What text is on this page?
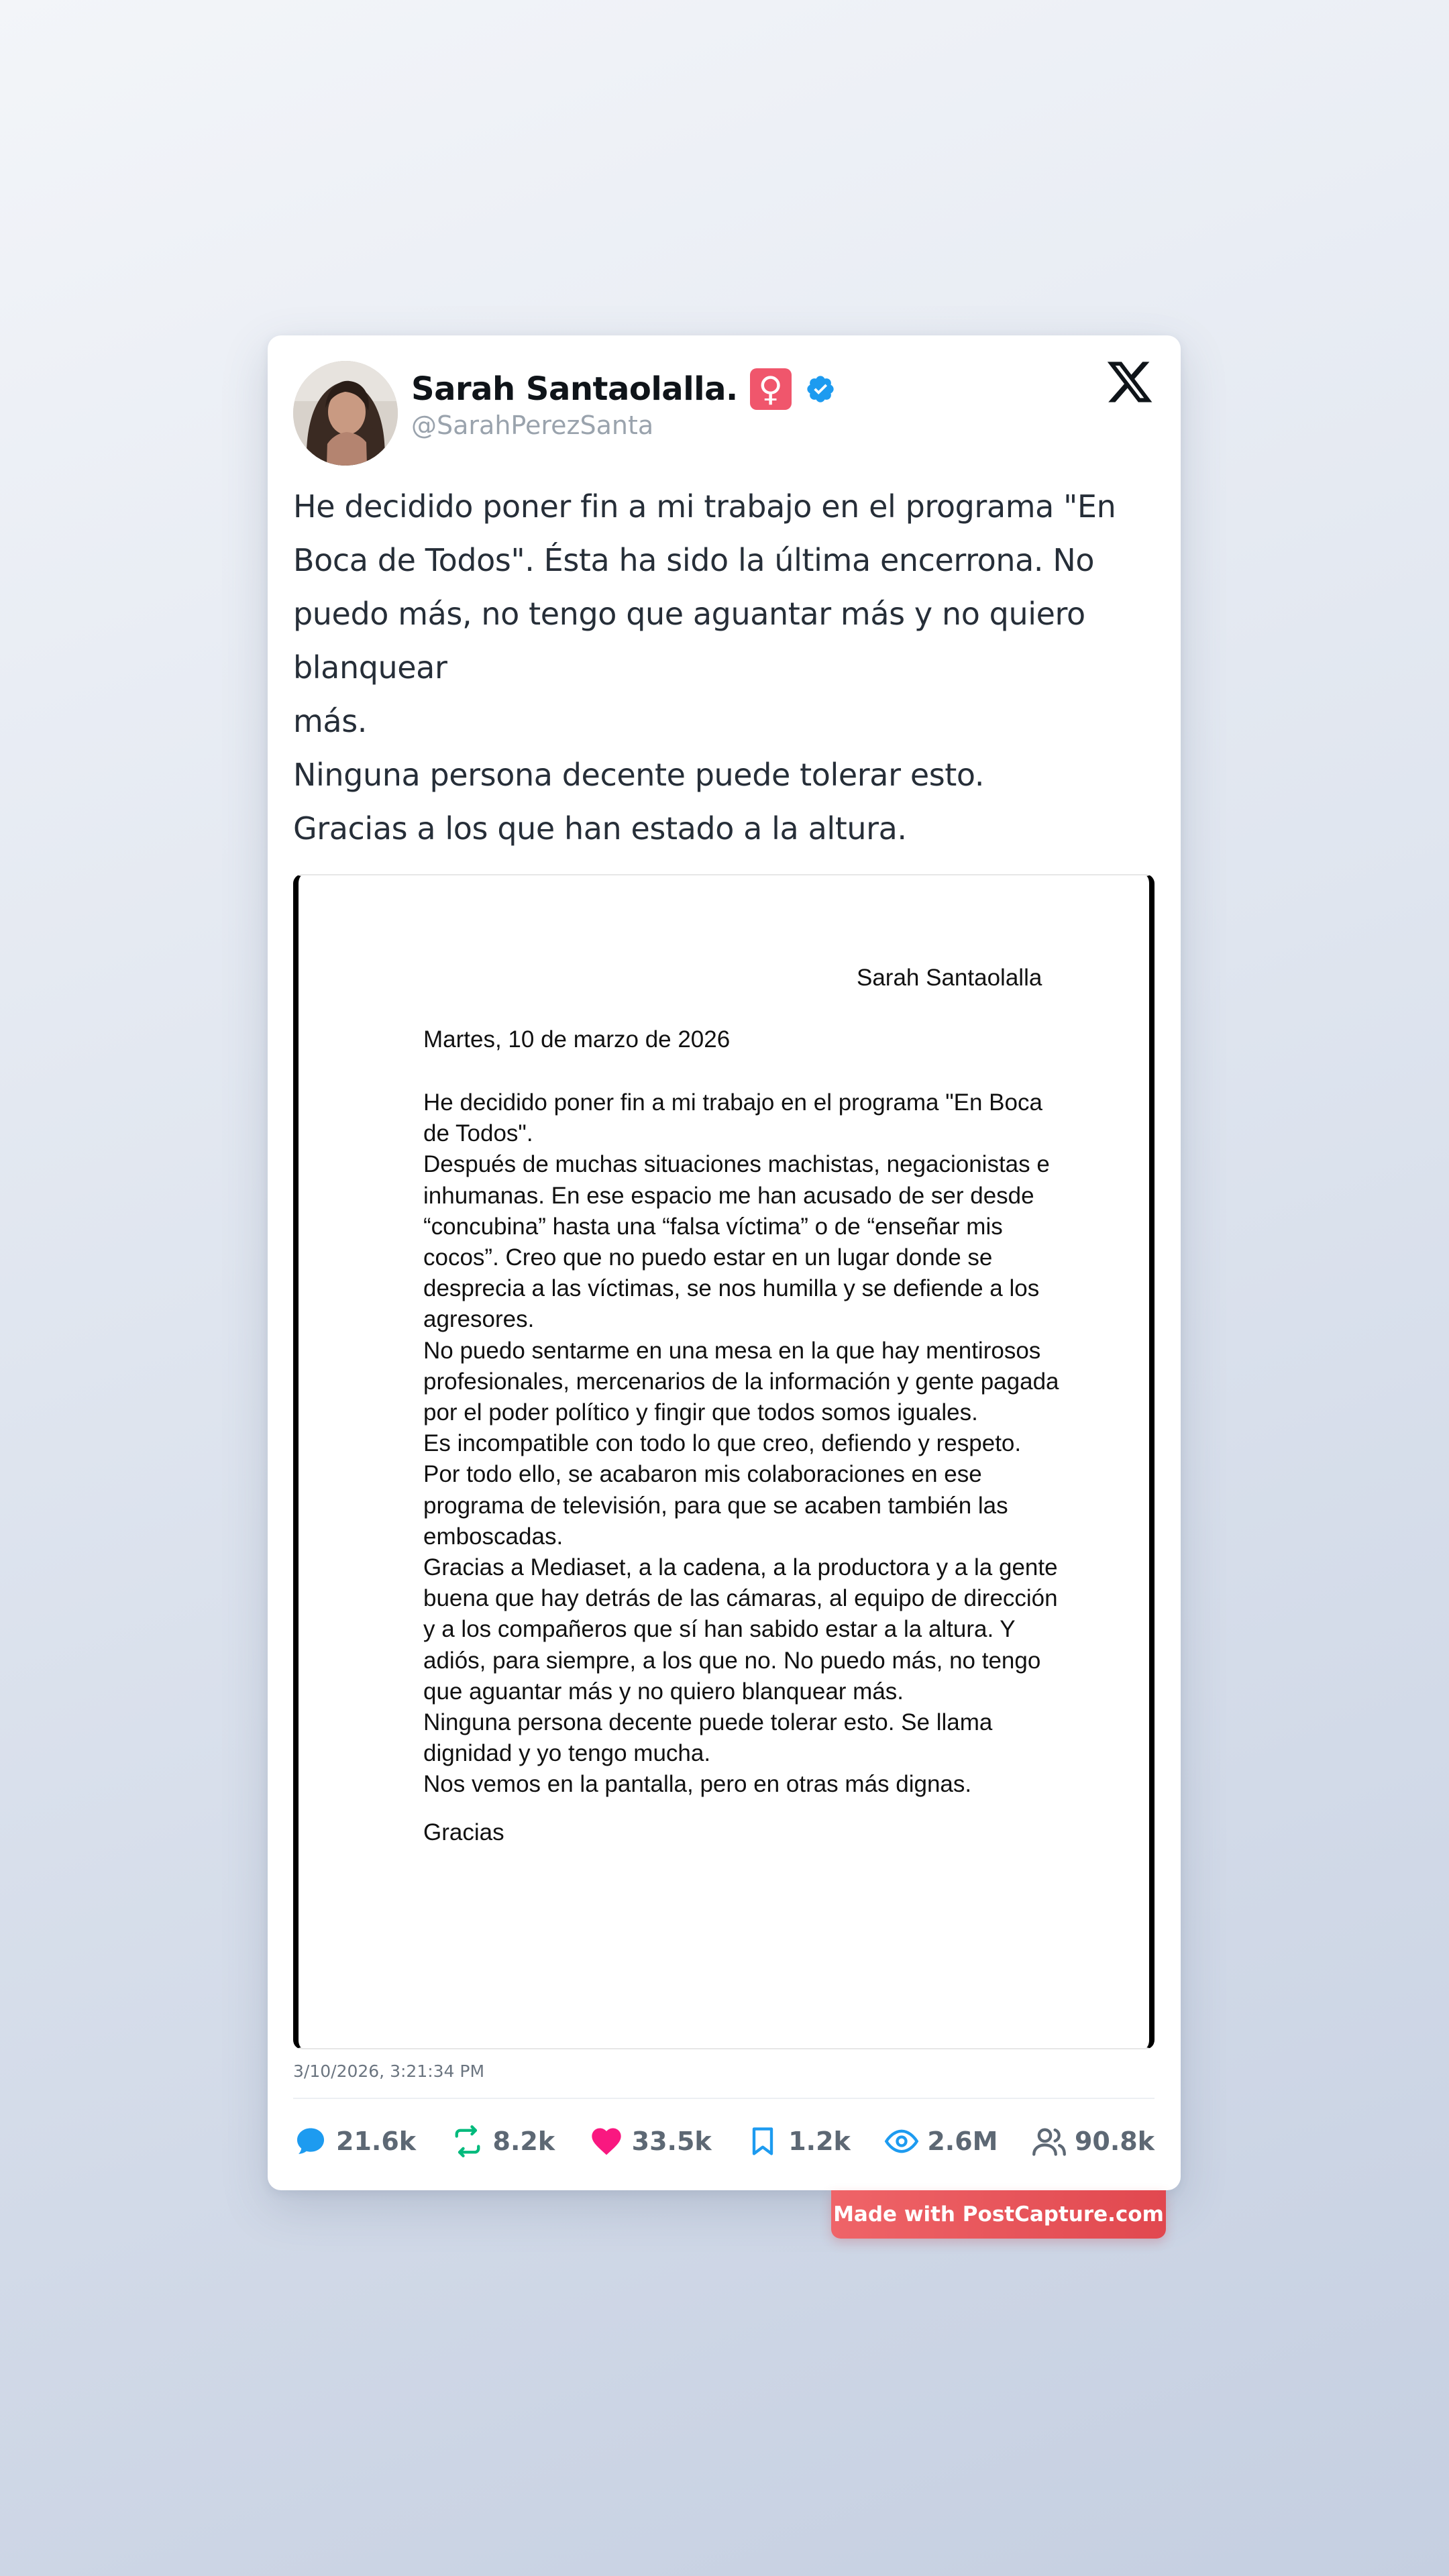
Sarah Santaolalla. ♀
@SarahPerezSanta
He decidido poner fin a mi trabajo en el programa "En
Boca de Todos". Ésta ha sido la última encerrona. No
puedo más, no tengo que aguantar más y no quiero
blanquear
más.
Ninguna persona decente puede tolerar esto.
Gracias a los que han estado a la altura.
Sarah Santaolalla
Martes, 10 de marzo de 2026
He decidido poner fin a mi trabajo en el programa "En Boca
de Todos".
Después de muchas situaciones machistas, negacionistas e
inhumanas. En ese espacio me han acusado de ser desde
“concubina” hasta una “falsa víctima” o de “enseñar mis
cocos”. Creo que no puedo estar en un lugar donde se
desprecia a las víctimas, se nos humilla y se defiende a los
agresores.
No puedo sentarme en una mesa en la que hay mentirosos
profesionales, mercenarios de la información y gente pagada
por el poder político y fingir que todos somos iguales.
Es incompatible con todo lo que creo, defiendo y respeto.
Por todo ello, se acabaron mis colaboraciones en ese
programa de televisión, para que se acaben también las
emboscadas.
Gracias a Mediaset, a la cadena, a la productora y a la gente
buena que hay detrás de las cámaras, al equipo de dirección
y a los compañeros que sí han sabido estar a la altura. Y
adiós, para siempre, a los que no. No puedo más, no tengo
que aguantar más y no quiero blanquear más.
Ninguna persona decente puede tolerar esto. Se llama
dignidad y yo tengo mucha.
Nos vemos en la pantalla, pero en otras más dignas.
Gracias
3/10/2026, 3:21:34 PM
21.6k	8.2k	33.5k	1.2k	2.6M	90.8k
Made with PostCapture.com
